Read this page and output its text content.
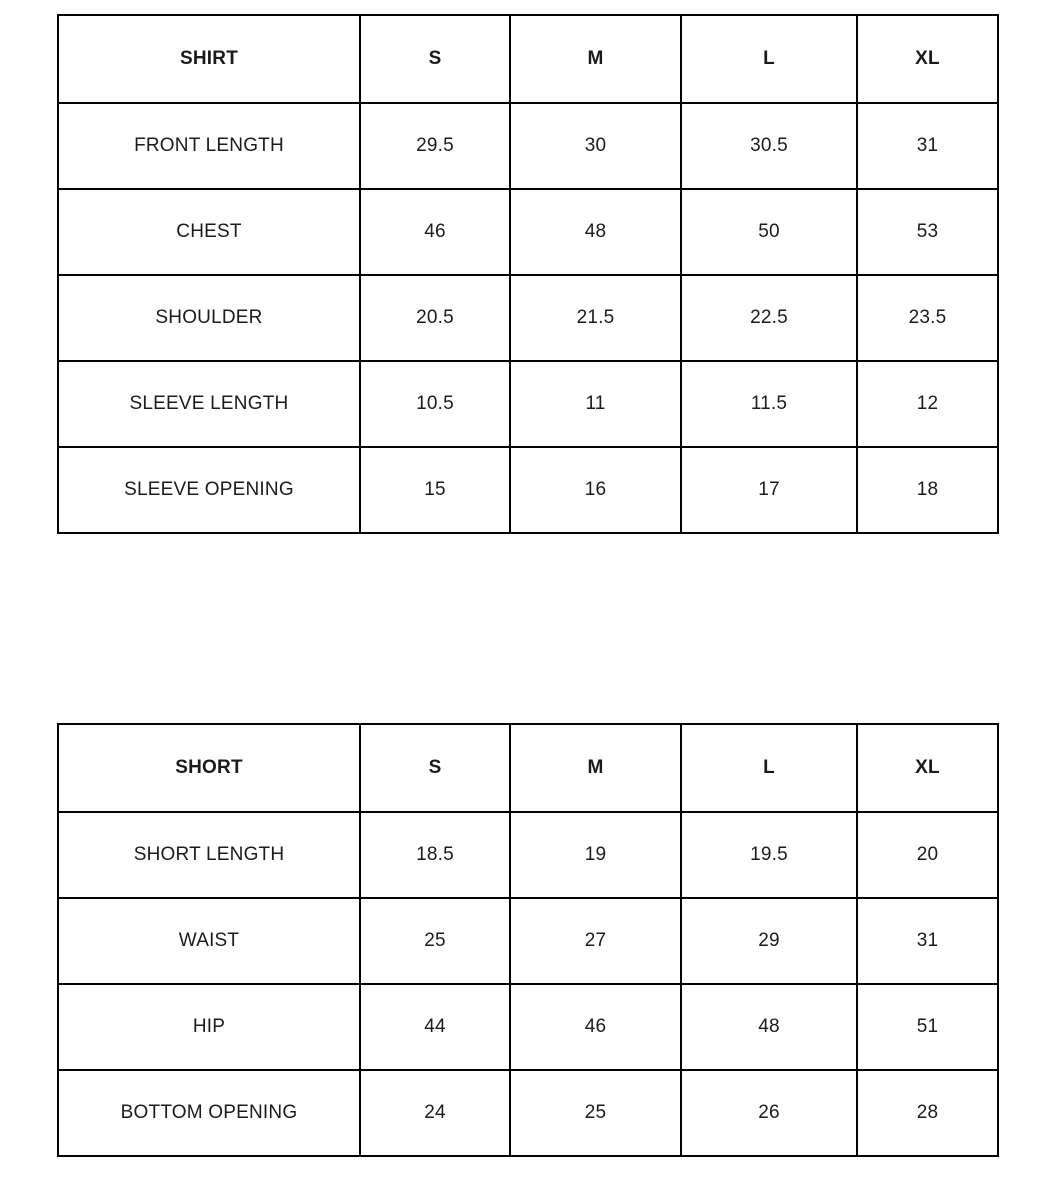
SHIRT	S	M	L	XL
FRONT LENGTH	29.5	30	30.5	31
CHEST	46	48	50	53
SHOULDER	20.5	21.5	22.5	23.5
SLEEVE LENGTH	10.5	11	11.5	12
SLEEVE OPENING	15	16	17	18
SHORT	S	M	L	XL
SHORT LENGTH	18.5	19	19.5	20
WAIST	25	27	29	31
HIP	44	46	48	51
BOTTOM OPENING	24	25	26	28
